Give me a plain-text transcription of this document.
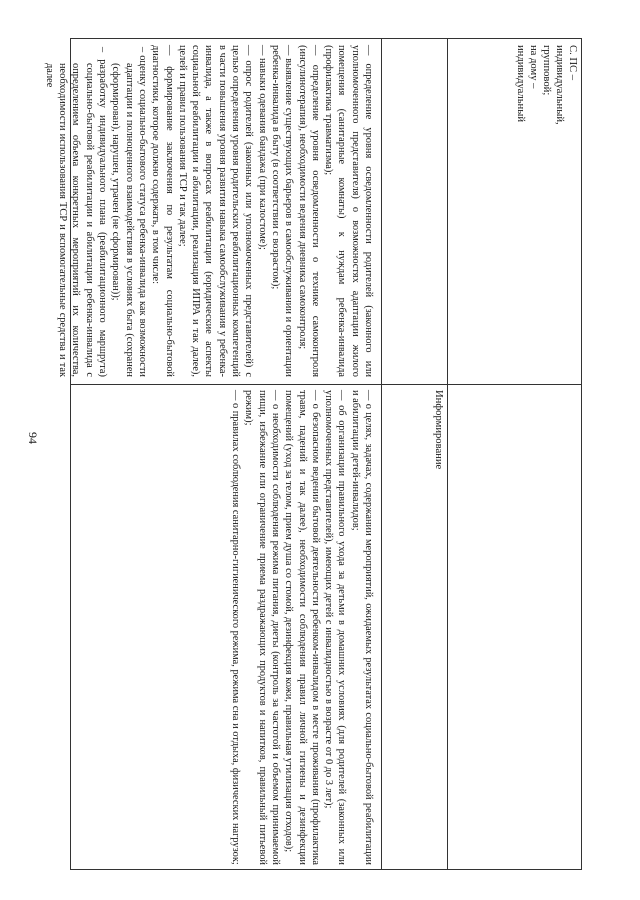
94

— определение уровня осведомленности родителей (законного или уполномоченного представителя) о возможностях адаптации жилого помещения (санитарные комнаты) к нуждам ребенка-инвалида (профилактика травматизма);

— определение уровня осведомленности о технике самоконтроля (инсулинотерапия), необходимости ведения дневника самоконтроля;

— выявление существующих барьеров в самообслуживании и ориентации ребенка-инвалида в быту (в соответствии с возрастом);

— навыки одевания бандажа (при калостоме);

— опрос родителей (законных или уполномоченных представителей) с целью определения уровня родительских реабилитационных компетенций в части повышения уровня развития навыка самообслуживания у ребенка-инвалида, а также в вопросах реабилитации (юридические аспекты социальной реабилитации и абилитации, реализация ИПРА и так далее), целей и правил пользования ТСР и так далее;

— формирование заключения по результатам социально-бытовой диагностики, которое должно содержать, в том числе:

– оценку социально-бытового статуса ребенка-инвалида как возможности адаптации и полноценного взаимодействия в условиях быта (сохранен (сформирован), нарушен, утрачен (не сформирован));

– разработку индивидуального плана (реабилитационного маршрута) социально-бытовой реабилитации и абилитации ребенка-инвалида с определением объема конкретных мероприятий их количества, необходимости использования ТСР и вспомогательные средства и так далее

— о целях, задачах, содержании мероприятий, ожидаемых результатах социально-бытовой реабилитации и абилитации детей-инвалидов;

— об организации правильного ухода за детьми в домашних условиях (для родителей (законных или уполномоченных представителей), имеющих детей с инвалидностью в возрасте от 0 до 3 лет);

— о безопасном ведении бытовой деятельности ребенком-инвалидом в месте проживания (профилактика травм, падений и так далее), необходимости соблюдения правил личной гигиены и дезинфекции помещений (уход за телом, прием душа со стомой, дезинфекция кожи, правильная утилизация отходов);

— о необходимости соблюдения режима питания, диеты (контроль за частотой и объемом принимаемой пищи, избежание или ограничение приема раздражающих продуктов и напитков, правильный питьевой режим);

— о правилах соблюдения санитарно-гигиенического режима, режима сна и отдыха, физических нагрузок;	Информирование
С. ПС –
индивидуальный,
групповой;
на дому –
индивидуальный
